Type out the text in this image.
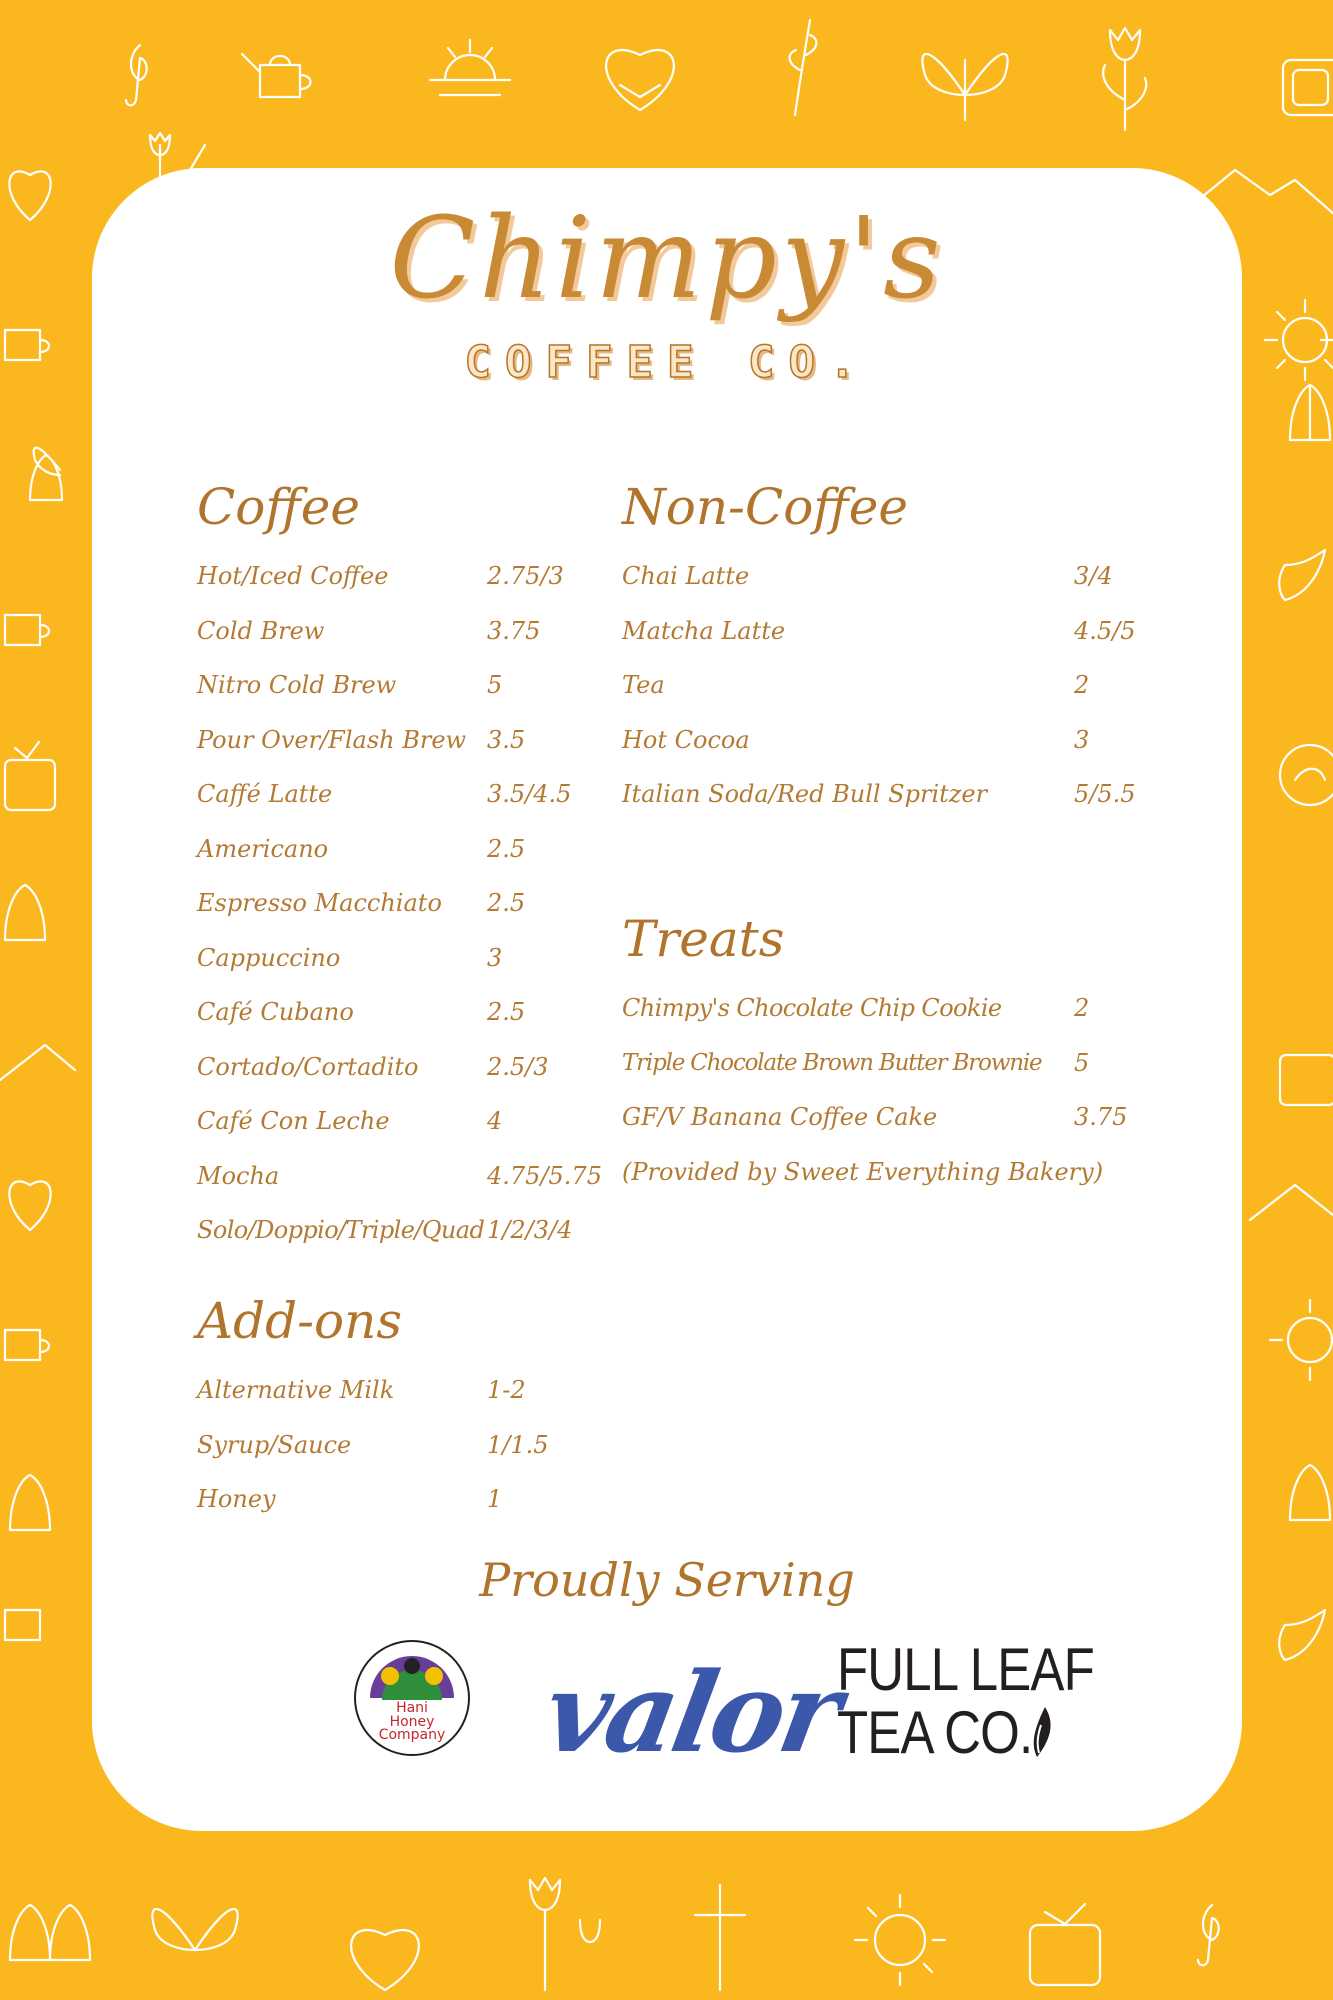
Chimpy's
COFFEE CO.
Coffee
Hot/Iced Coffee	2.75/3
Cold Brew	3.75
Nitro Cold Brew	5
Pour Over/Flash Brew 3.5
Caffé Latte	3.5/4.5
Americano	2.5
Espresso Macchiato	2.5
Cappuccino	3
Café Cubano	2.5
Cortado/Cortadito	2.5/3
Café Con Leche	4
Mocha	4.75/5.75
Solo/Doppio/Triple/Quad 1/2/3/4
Non-Coffee
Chai Latte	3/4
Matcha Latte	4.5/5
Tea	2
Hot Cocoa	3
Italian Soda/Red Bull Spritzer	5/5.5
Treats
Chimpy's Chocolate Chip Cookie	2
Triple Chocolate Brown Butter Brownie	5
GF/V Banana Coffee Cake	3.75
(Provided by Sweet Everything Bakery)
Add-ons
Alternative Milk	1-2
Syrup/Sauce	1/1.5
Honey	1
Proudly Serving
Hani
Honey
Company valor
FULL LEAF
TEA CO.
